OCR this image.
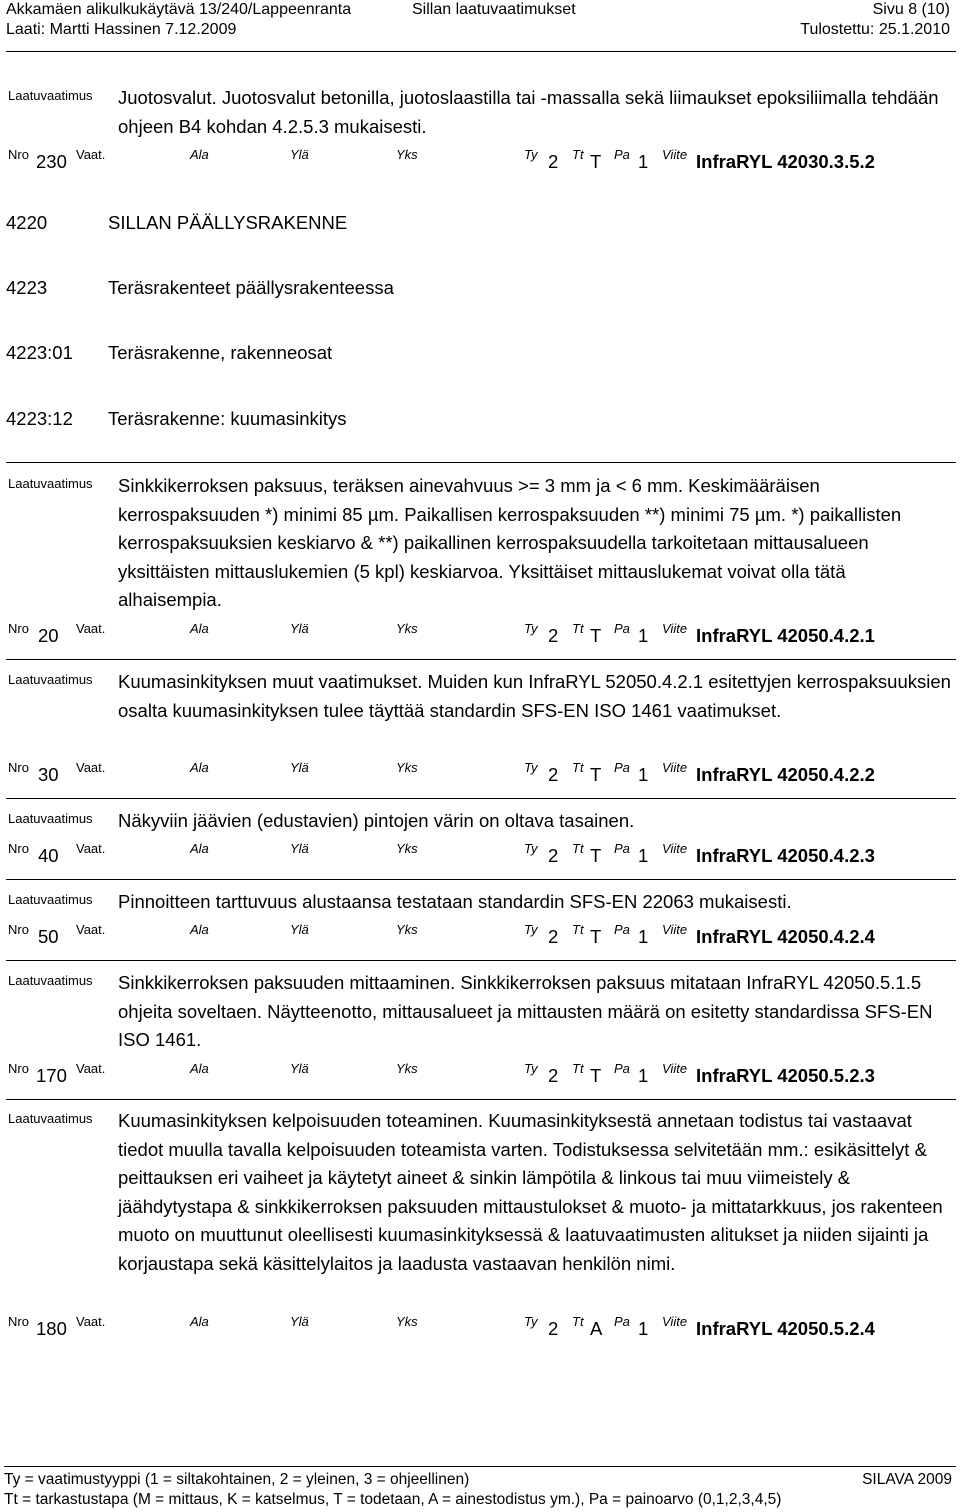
Akkamäen alikulkukäytävä 13/240/Lappeenranta	Sillan laatuvaatimukset	Sivu 8 (10)
Laati: Martti Hassinen 7.12.2009	Tulostettu: 25.1.2010
Laatuvaatimus Juotosvalut. Juotosvalut betonilla, juotoslaastilla tai -massalla sekä liimaukset epoksiliimalla tehdään ohjeen B4 kohdan 4.2.5.3 mukaisesti.
Nro 230 Vaat.	Ala	Ylä	Yks	Ty 2 Tt T Pa 1 Viite InfraRYL 42030.3.5.2
4220	SILLAN PÄÄLLYSRAKENNE
4223	Teräsrakenteet päällysrakenteessa
4223:01 Teräsrakenne, rakenneosat
4223:12 Teräsrakenne: kuumasinkitys
Laatuvaatimus Sinkkikerroksen paksuus, teräksen ainevahvuus >= 3 mm ja < 6 mm. Keskimääräisen kerrospaksuuden *) minimi 85 µm. Paikallisen kerrospaksuuden **) minimi 75 µm. *) paikallisten kerrospaksuuksien keskiarvo & **) paikallinen kerrospaksuudella tarkoitetaan mittausalueen yksittäisten mittauslukemien (5 kpl) keskiarvoa. Yksittäiset mittauslukemat voivat olla tätä alhaisempia.
Nro 20 Vaat.	Ala	Ylä	Yks	Ty 2 Tt T Pa 1 Viite InfraRYL 42050.4.2.1
Laatuvaatimus Kuumasinkityksen muut vaatimukset. Muiden kun InfraRYL 52050.4.2.1 esitettyjen kerrospaksuuksien osalta kuumasinkityksen tulee täyttää standardin SFS-EN ISO 1461 vaatimukset.
Nro 30 Vaat.	Ala	Ylä	Yks	Ty 2 Tt T Pa 1 Viite InfraRYL 42050.4.2.2
Laatuvaatimus Näkyviin jäävien (edustavien) pintojen värin on oltava tasainen.
Nro 40 Vaat.	Ala	Ylä	Yks	Ty 2 Tt T Pa 1 Viite InfraRYL 42050.4.2.3
Laatuvaatimus Pinnoitteen tarttuvuus alustaansa testataan standardin SFS-EN 22063 mukaisesti.
Nro 50 Vaat.	Ala	Ylä	Yks	Ty 2 Tt T Pa 1 Viite InfraRYL 42050.4.2.4
Laatuvaatimus Sinkkikerroksen paksuuden mittaaminen. Sinkkikerroksen paksuus mitataan InfraRYL 42050.5.1.5 ohjeita soveltaen. Näytteenotto, mittausalueet ja mittausten määrä on esitetty standardissa SFS-EN ISO 1461.
Nro 170 Vaat.	Ala	Ylä	Yks	Ty 2 Tt T Pa 1 Viite InfraRYL 42050.5.2.3
Laatuvaatimus Kuumasinkityksen kelpoisuuden toteaminen. Kuumasinkityksestä annetaan todistus tai vastaavat tiedot muulla tavalla kelpoisuuden toteamista varten. Todistuksessa selvitetään mm.: esikäsittelyt & peittauksen eri vaiheet ja käytetyt aineet & sinkin lämpötila & linkous tai muu viimeistely & jäähdytystapa & sinkkikerroksen paksuuden mittaustulokset & muoto- ja mittatarkkuus, jos rakenteen muoto on muuttunut oleellisesti kuumasinkityksessä & laatuvaatimusten alitukset ja niiden sijainti ja korjaustapa sekä käsittelylaitos ja laadusta vastaavan henkilön nimi.
Nro 180 Vaat.	Ala	Ylä	Yks	Ty 2 Tt A Pa 1 Viite InfraRYL 42050.5.2.4
Ty = vaatimustyyppi (1 = siltakohtainen, 2 = yleinen, 3 = ohjeellinen)	SILAVA 2009
Tt = tarkastustapa (M = mittaus, K = katselmus, T = todetaan, A = ainestodistus ym.), Pa = painoarvo (0,1,2,3,4,5)
